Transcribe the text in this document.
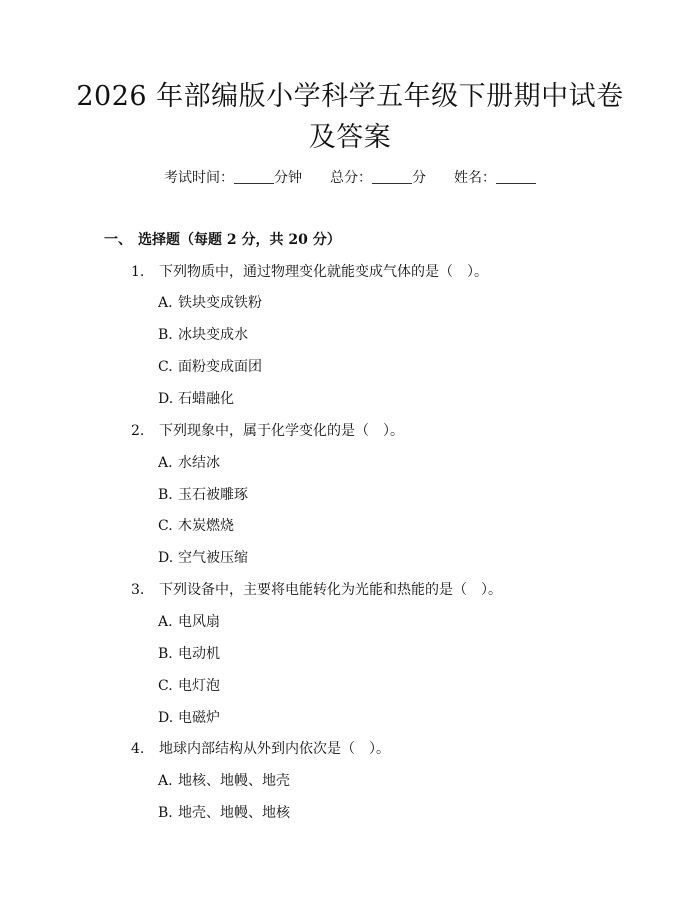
2026 年部编版小学科学五年级下册期中试卷
及答案
考试时间：	分钟 总分：	分 姓名：
一、 选择题（每题 2 分，共 20 分）
1. 下列物质中，通过物理变化就能变成气体的是（　）。
A. 铁块变成铁粉
B. 冰块变成水
C. 面粉变成面团
D. 石蜡融化
2. 下列现象中，属于化学变化的是（　）。
A. 水结冰
B. 玉石被雕琢
C. 木炭燃烧
D. 空气被压缩
3. 下列设备中，主要将电能转化为光能和热能的是（　）。
A. 电风扇
B. 电动机
C. 电灯泡
D. 电磁炉
4. 地球内部结构从外到内依次是（　）。
A. 地核、地幔、地壳
B. 地壳、地幔、地核
